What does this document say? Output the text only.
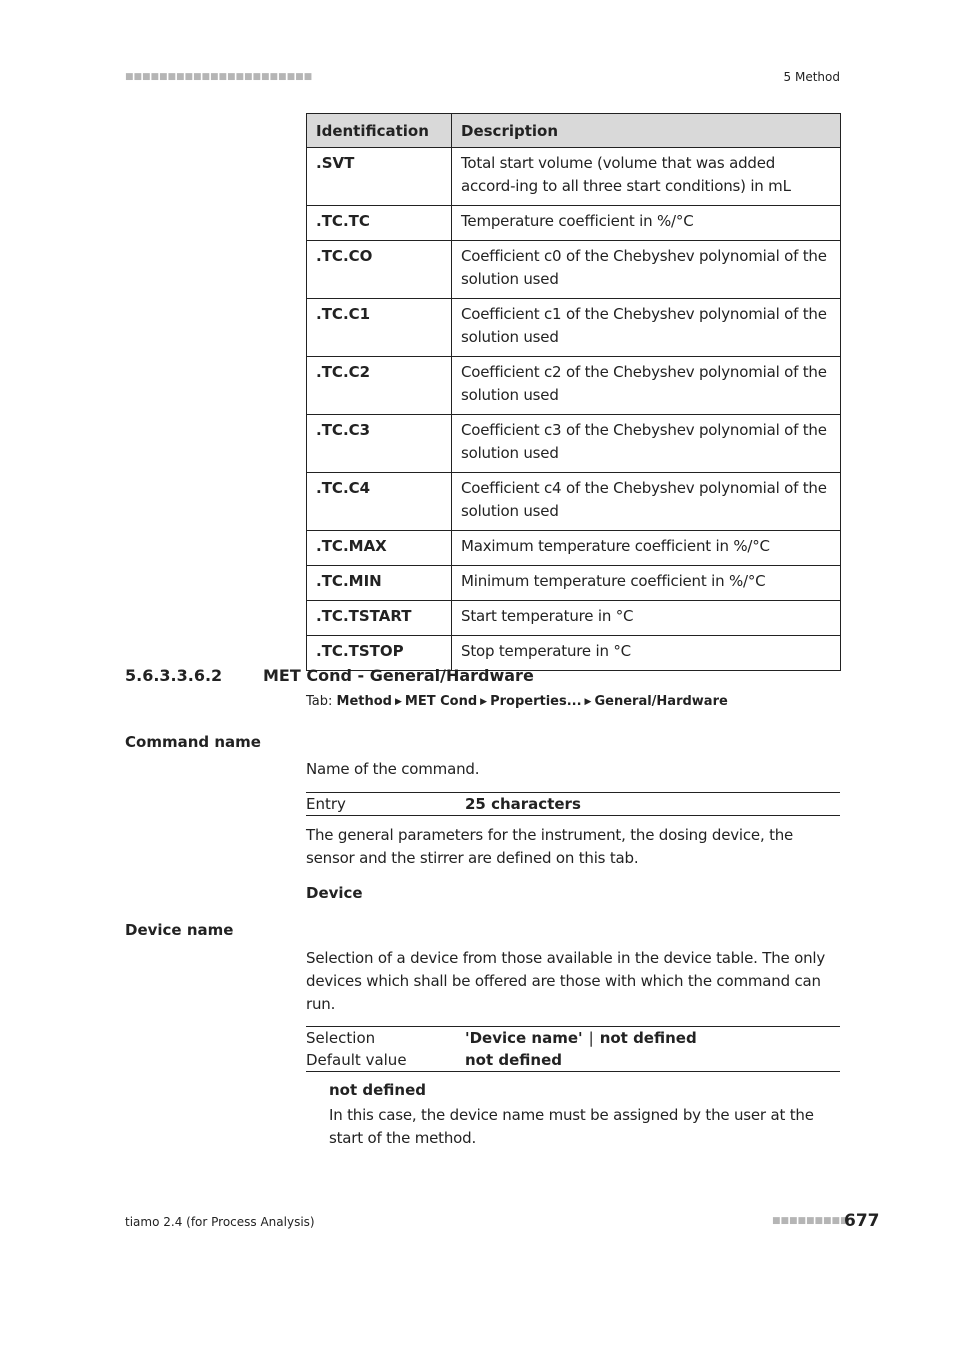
■■■■■■■■■■■■■■■■■■■■■■	5 Method
Identification	Description
.SVT	Total start volume (volume that was added accord-ing to all three start conditions) in mL
.TC.TC	Temperature coefficient in %/°C
.TC.CO	Coefficient c0 of the Chebyshev polynomial of the solution used
.TC.C1	Coefficient c1 of the Chebyshev polynomial of the solution used
.TC.C2	Coefficient c2 of the Chebyshev polynomial of the solution used
.TC.C3	Coefficient c3 of the Chebyshev polynomial of the solution used
.TC.C4	Coefficient c4 of the Chebyshev polynomial of the solution used
.TC.MAX	Maximum temperature coefficient in %/°C
.TC.MIN	Minimum temperature coefficient in %/°C
.TC.TSTART	Start temperature in °C
.TC.TSTOP	Stop temperature in °C
5.6.3.3.6.2	MET Cond - General/Hardware
Tab: Method ▶ MET Cond ▶ Properties... ▶ General/Hardware
Command name
Name of the command.
Entry	25 characters
The general parameters for the instrument, the dosing device, the sensor and the stirrer are defined on this tab.
Device
Device name
Selection of a device from those available in the device table. The only devices which shall be offered are those with which the command can run.
Selection	'Device name' | not defined
Default value	not defined
not defined
In this case, the device name must be assigned by the user at the start of the method.
tiamo 2.4 (for Process Analysis)	■■■■■■■■■
677
